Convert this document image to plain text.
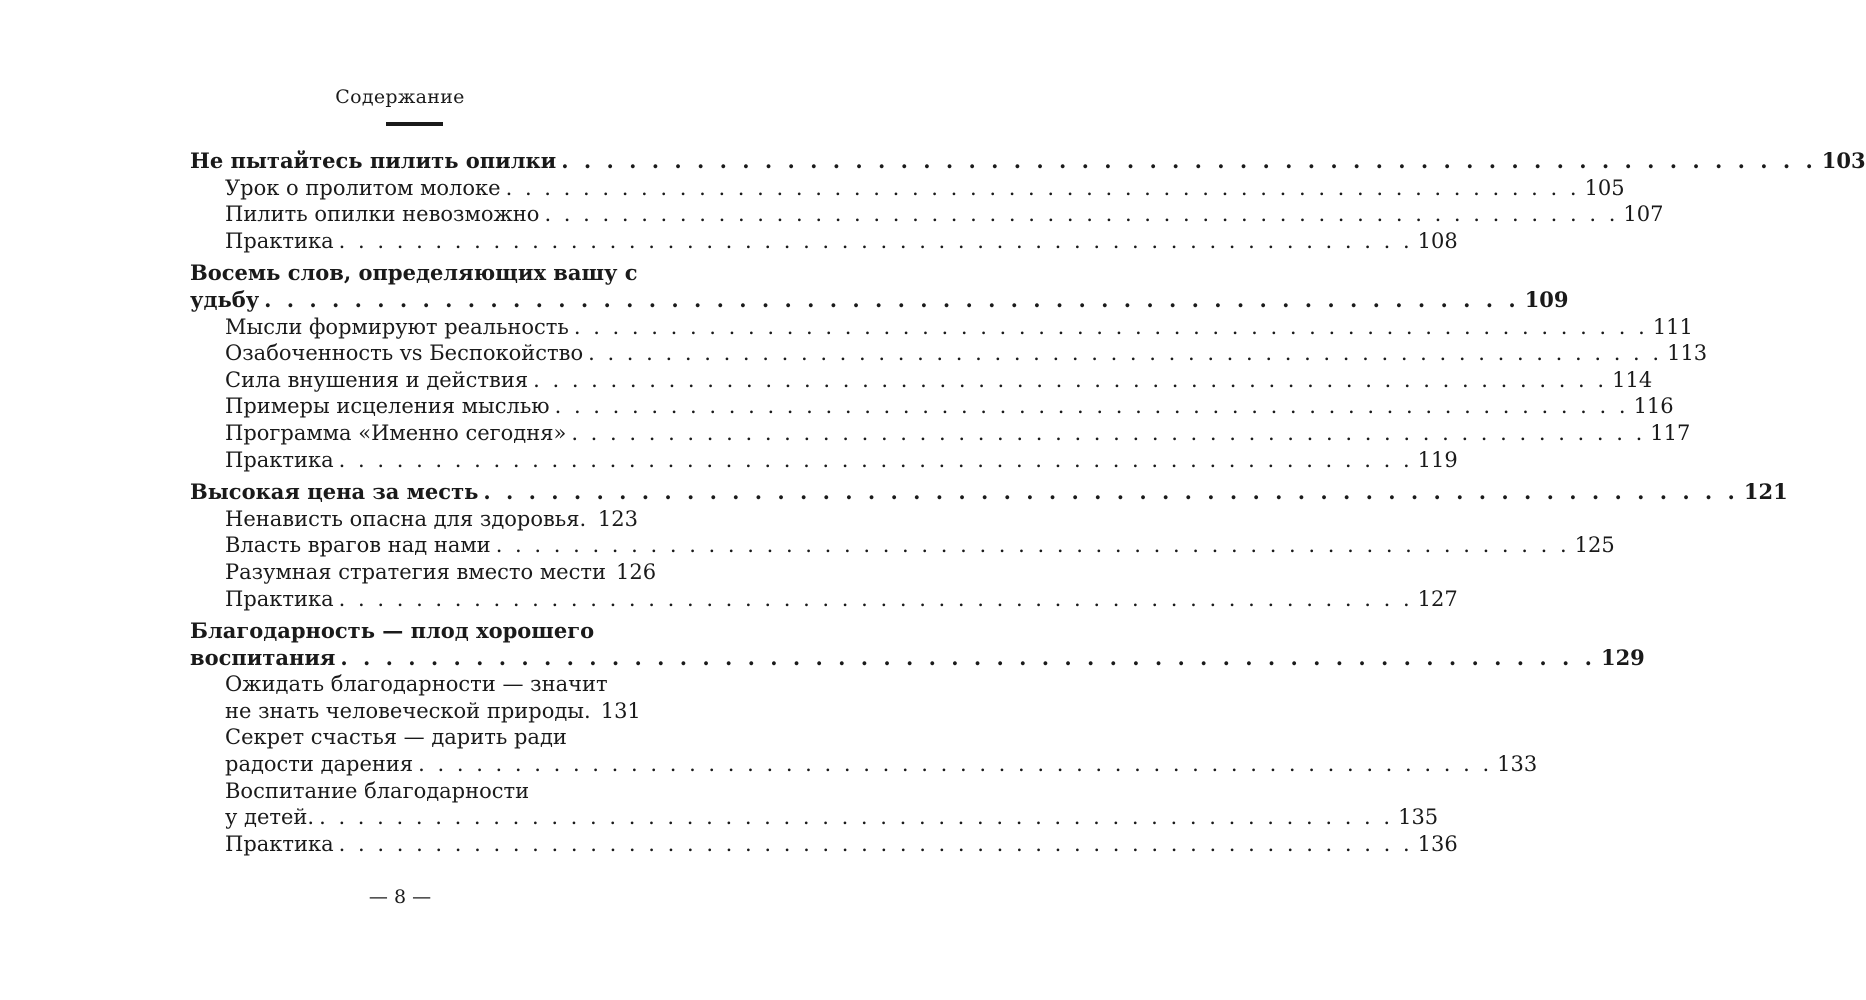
Содержание
Не пытайтесь пилить опилки . . . . . . . . . . . . . . . . . . . . . . . . . . . . . . . . . . . . . . . . . . . . . . . . . . . . . . . . 103
Урок о пролитом молоке . . . . . . . . . . . . . . . . . . . . . . . . . . . . . . . . . . . . . . . . . . . . . . . . . . . . . . . . 105
Пилить опилки невозможно . . . . . . . . . . . . . . . . . . . . . . . . . . . . . . . . . . . . . . . . . . . . . . . . . . . . . . . . 107
Практика . . . . . . . . . . . . . . . . . . . . . . . . . . . . . . . . . . . . . . . . . . . . . . . . . . . . . . . . 108
Восемь слов, определяющих вашу с
удьбу . . . . . . . . . . . . . . . . . . . . . . . . . . . . . . . . . . . . . . . . . . . . . . . . . . . . . . . . 109
Мысли формируют реальность . . . . . . . . . . . . . . . . . . . . . . . . . . . . . . . . . . . . . . . . . . . . . . . . . . . . . . . . 111
Озабоченность vs Беспокойство . . . . . . . . . . . . . . . . . . . . . . . . . . . . . . . . . . . . . . . . . . . . . . . . . . . . . . . . 113
Сила внушения и действия . . . . . . . . . . . . . . . . . . . . . . . . . . . . . . . . . . . . . . . . . . . . . . . . . . . . . . . . 114
Примеры исцеления мыслью . . . . . . . . . . . . . . . . . . . . . . . . . . . . . . . . . . . . . . . . . . . . . . . . . . . . . . . . 116
Программа «Именно сегодня» . . . . . . . . . . . . . . . . . . . . . . . . . . . . . . . . . . . . . . . . . . . . . . . . . . . . . . . . 117
Практика . . . . . . . . . . . . . . . . . . . . . . . . . . . . . . . . . . . . . . . . . . . . . . . . . . . . . . . . 119
Высокая цена за месть . . . . . . . . . . . . . . . . . . . . . . . . . . . . . . . . . . . . . . . . . . . . . . . . . . . . . . . . 121
Ненависть опасна для здоровья. 123
Власть врагов над нами . . . . . . . . . . . . . . . . . . . . . . . . . . . . . . . . . . . . . . . . . . . . . . . . . . . . . . . . 125
Разумная стратегия вместо мести 126
Практика . . . . . . . . . . . . . . . . . . . . . . . . . . . . . . . . . . . . . . . . . . . . . . . . . . . . . . . . 127
Благодарность — плод хорошего
воспитания . . . . . . . . . . . . . . . . . . . . . . . . . . . . . . . . . . . . . . . . . . . . . . . . . . . . . . . . 129
Ожидать благодарности — значит
не знать человеческой природы. 131
Секрет счастья — дарить ради
радости дарения . . . . . . . . . . . . . . . . . . . . . . . . . . . . . . . . . . . . . . . . . . . . . . . . . . . . . . . . 133
Воспитание благодарности
у детей. . . . . . . . . . . . . . . . . . . . . . . . . . . . . . . . . . . . . . . . . . . . . . . . . . . . . . . . . 135
Практика . . . . . . . . . . . . . . . . . . . . . . . . . . . . . . . . . . . . . . . . . . . . . . . . . . . . . . . . 136
— 8 —
